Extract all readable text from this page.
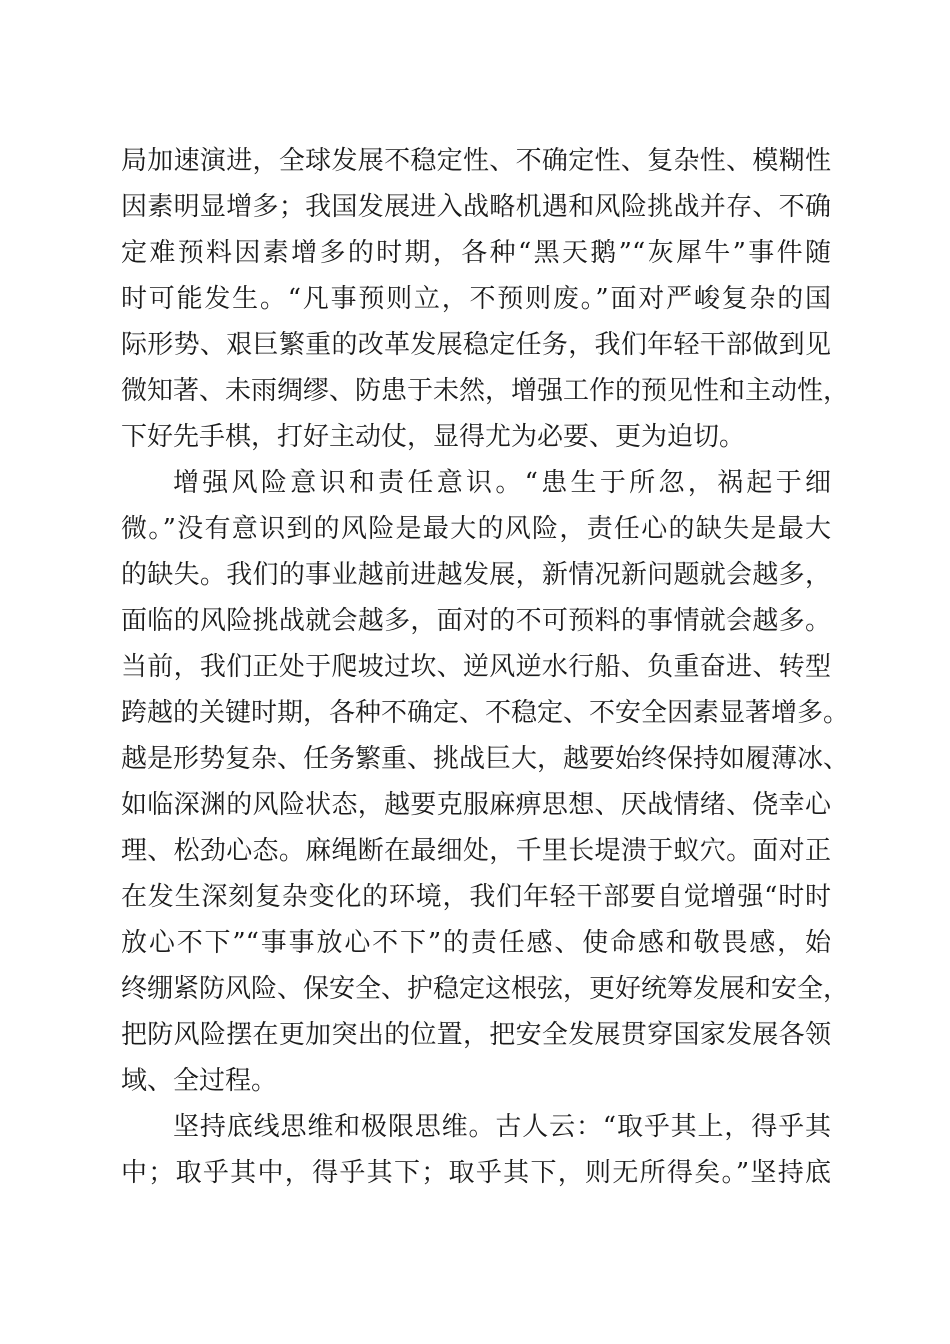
局加速演进，全球发展不稳定性、不确定性、复杂性、模糊性
因素明显增多；我国发展进入战略机遇和风险挑战并存、不确
定难预料因素增多的时期，各种“黑天鹅”“灰犀牛”事件随
时可能发生。“凡事预则立，不预则废。”面对严峻复杂的国
际形势、艰巨繁重的改革发展稳定任务，我们年轻干部做到见
微知著、未雨绸缪、防患于未然，增强工作的预见性和主动性，
下好先手棋，打好主动仗，显得尤为必要、更为迫切。
增强风险意识和责任意识。“患生于所忽，祸起于细
微。”没有意识到的风险是最大的风险，责任心的缺失是最大
的缺失。我们的事业越前进越发展，新情况新问题就会越多，
面临的风险挑战就会越多，面对的不可预料的事情就会越多。
当前，我们正处于爬坡过坎、逆风逆水行船、负重奋进、转型
跨越的关键时期，各种不确定、不稳定、不安全因素显著增多。
越是形势复杂、任务繁重、挑战巨大，越要始终保持如履薄冰、
如临深渊的风险状态，越要克服麻痹思想、厌战情绪、侥幸心
理、松劲心态。麻绳断在最细处，千里长堤溃于蚁穴。面对正
在发生深刻复杂变化的环境，我们年轻干部要自觉增强“时时
放心不下”“事事放心不下”的责任感、使命感和敬畏感，始
终绷紧防风险、保安全、护稳定这根弦，更好统筹发展和安全，
把防风险摆在更加突出的位置，把安全发展贯穿国家发展各领
域、全过程。
坚持底线思维和极限思维。古人云：“取乎其上，得乎其
中；取乎其中，得乎其下；取乎其下，则无所得矣。”坚持底
